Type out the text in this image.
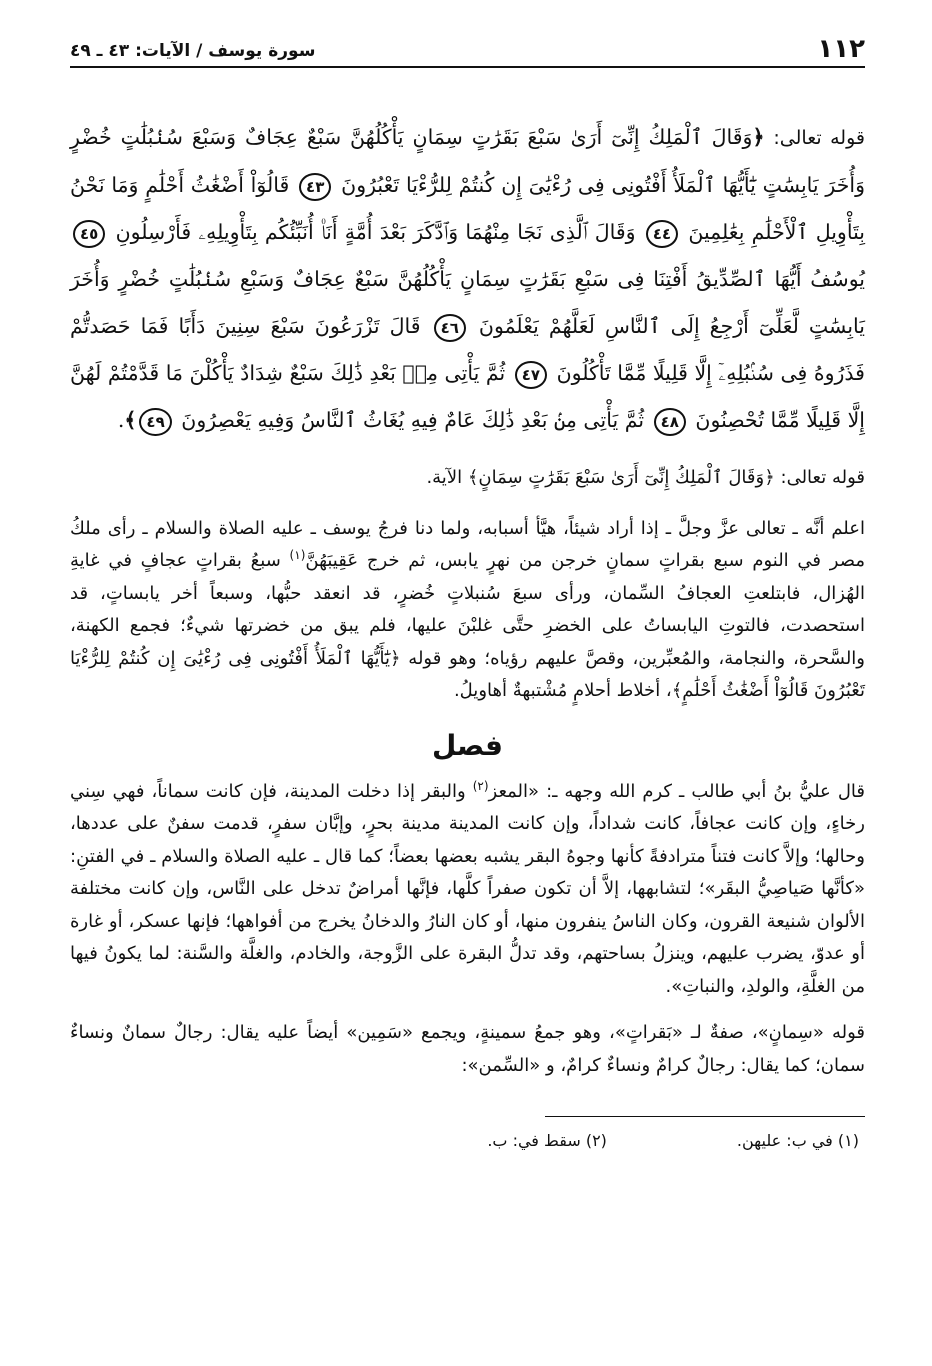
١١٢
سورة يوسف / الآيات: ٤٣ ـ ٤٩
قوله تعالى: ﴿وَقَالَ ٱلْمَلِكُ إِنِّىٓ أَرَىٰ سَبْعَ بَقَرَٰتٍ سِمَانٍ يَأْكُلُهُنَّ سَبْعٌ عِجَافٌ وَسَبْعَ سُنۢبُلَٰتٍ خُضْرٍ وَأُخَرَ يَابِسَٰتٍ يَٰٓأَيُّهَا ٱلْمَلَأُ أَفْتُونِى فِى رُءْيَٰىَ إِن كُنتُمْ لِلرُّءْيَا تَعْبُرُونَ ٤٣ قَالُوٓاْ أَضْغَٰثُ أَحْلَٰمٍ وَمَا نَحْنُ بِتَأْوِيلِ ٱلْأَحْلَٰمِ بِعَٰلِمِينَ ٤٤ وَقَالَ ٱلَّذِى نَجَا مِنْهُمَا وَٱدَّكَرَ بَعْدَ أُمَّةٍ أَنَا۠ أُنَبِّئُكُم بِتَأْوِيلِهِۦ فَأَرْسِلُونِ ٤٥ يُوسُفُ أَيُّهَا ٱلصِّدِّيقُ أَفْتِنَا فِى سَبْعِ بَقَرَٰتٍ سِمَانٍ يَأْكُلُهُنَّ سَبْعٌ عِجَافٌ وَسَبْعِ سُنۢبُلَٰتٍ خُضْرٍ وَأُخَرَ يَابِسَٰتٍ لَّعَلِّىٓ أَرْجِعُ إِلَى ٱلنَّاسِ لَعَلَّهُمْ يَعْلَمُونَ ٤٦ قَالَ تَزْرَعُونَ سَبْعَ سِنِينَ دَأَبًا فَمَا حَصَدتُّمْ فَذَرُوهُ فِى سُنۢبُلِهِۦٓ إِلَّا قَلِيلًا مِّمَّا تَأْكُلُونَ ٤٧ ثُمَّ يَأْتِى مِنۢ بَعْدِ ذَٰلِكَ سَبْعٌ شِدَادٌ يَأْكُلْنَ مَا قَدَّمْتُمْ لَهُنَّ إِلَّا قَلِيلًا مِّمَّا تُحْصِنُونَ ٤٨ ثُمَّ يَأْتِى مِنۢ بَعْدِ ذَٰلِكَ عَامٌ فِيهِ يُغَاثُ ٱلنَّاسُ وَفِيهِ يَعْصِرُونَ ٤٩﴾.

قوله تعالى: ﴿وَقَالَ ٱلْمَلِكُ إِنِّىٓ أَرَىٰ سَبْعَ بَقَرَٰتٍ سِمَانٍ﴾ الآية.

اعلم أنَّه ـ تعالى عزَّ وجلَّ ـ إذا أراد شيئاً، هيَّأ أسبابه، ولما دنا فرجُ يوسف ـ عليه الصلاة والسلام ـ رأى ملكُ مصر في النوم سبع بقراتٍ سمانٍ خرجن من نهرٍ يابس، ثم خرج عَقِيبَهُنَّ$^{(١)}$ سبعُ بقراتٍ عجافٍ في غايةِ الهُزال، فابتلعتِ العجافُ السِّمان، ورأى سبعَ سُنبلاتٍ خُضرٍ، قد انعقد حبُّها، وسبعاً أخر يابساتٍ، قد استحصدت، فالتوتِ اليابساتُ على الخضرِ حتَّى غلبْنَ عليها، فلم يبق من خضرتها شيءٌ؛ فجمع الكهنة، والسَّحرة، والنجامة، والمُعبِّرين، وقصَّ عليهم رؤياه؛ وهو قوله ﴿يَٰٓأَيُّهَا ٱلْمَلَأُ أَفْتُونِى فِى رُءْيَٰىَ إِن كُنتُمْ لِلرُّءْيَا تَعْبُرُونَ قَالُوٓاْ أَضْغَٰثُ أَحْلَٰمٍ﴾، أخلاط أحلامٍ مُشْتبهةٌ أهاويلُ.

فصل

قال عليُّ بنُ أبي طالب ـ كرم الله وجهه ـ: «المعز$^{(٢)}$ والبقر إذا دخلت المدينة، فإن كانت سماناً، فهي سِني رخاءٍ، وإن كانت عجافاً، كانت شداداً، وإن كانت المدينة مدينة بحرٍ، وإبَّان سفرٍ، قدمت سفنٌ على عددها، وحالها؛ وإلاَّ كانت فتناً مترادفةً كأنها وجوهُ البقر يشبه بعضها بعضاً؛ كما قال ـ عليه الصلاة والسلام ـ في الفتنِ: «كأنَّها صَياصِيُّ البقَر»؛ لتشابهها، إلاَّ أن تكون صفراً كلَّها، فإنَّها أمراضٌ تدخل على النَّاس، وإن كانت مختلفة الألوان شنيعة القرون، وكان الناسُ ينفرون منها، أو كان النارُ والدخانُ يخرج من أفواهها؛ فإنها عسكر، أو غارة أو عدوّ، يضرب عليهم، وينزلُ بساحتهم، وقد تدلُّ البقرة على الزَّوجة، والخادم، والغلَّة والسَّنة: لما يكونُ فيها من الغلَّةِ، والولدِ، والنباتِ».

قوله «سِمانٍ»، صفةٌ لـ «بَقراتٍ»، وهو جمعُ سمينةٍ، ويجمع «سَمِين» أيضاً عليه يقال: رجالٌ سمانٌ ونساءٌ سمان؛ كما يقال: رجالٌ كرامٌ ونساءٌ كرامٌ، و «السِّمن»:

(١) في ب: عليهن.
(٢) سقط في: ب.
